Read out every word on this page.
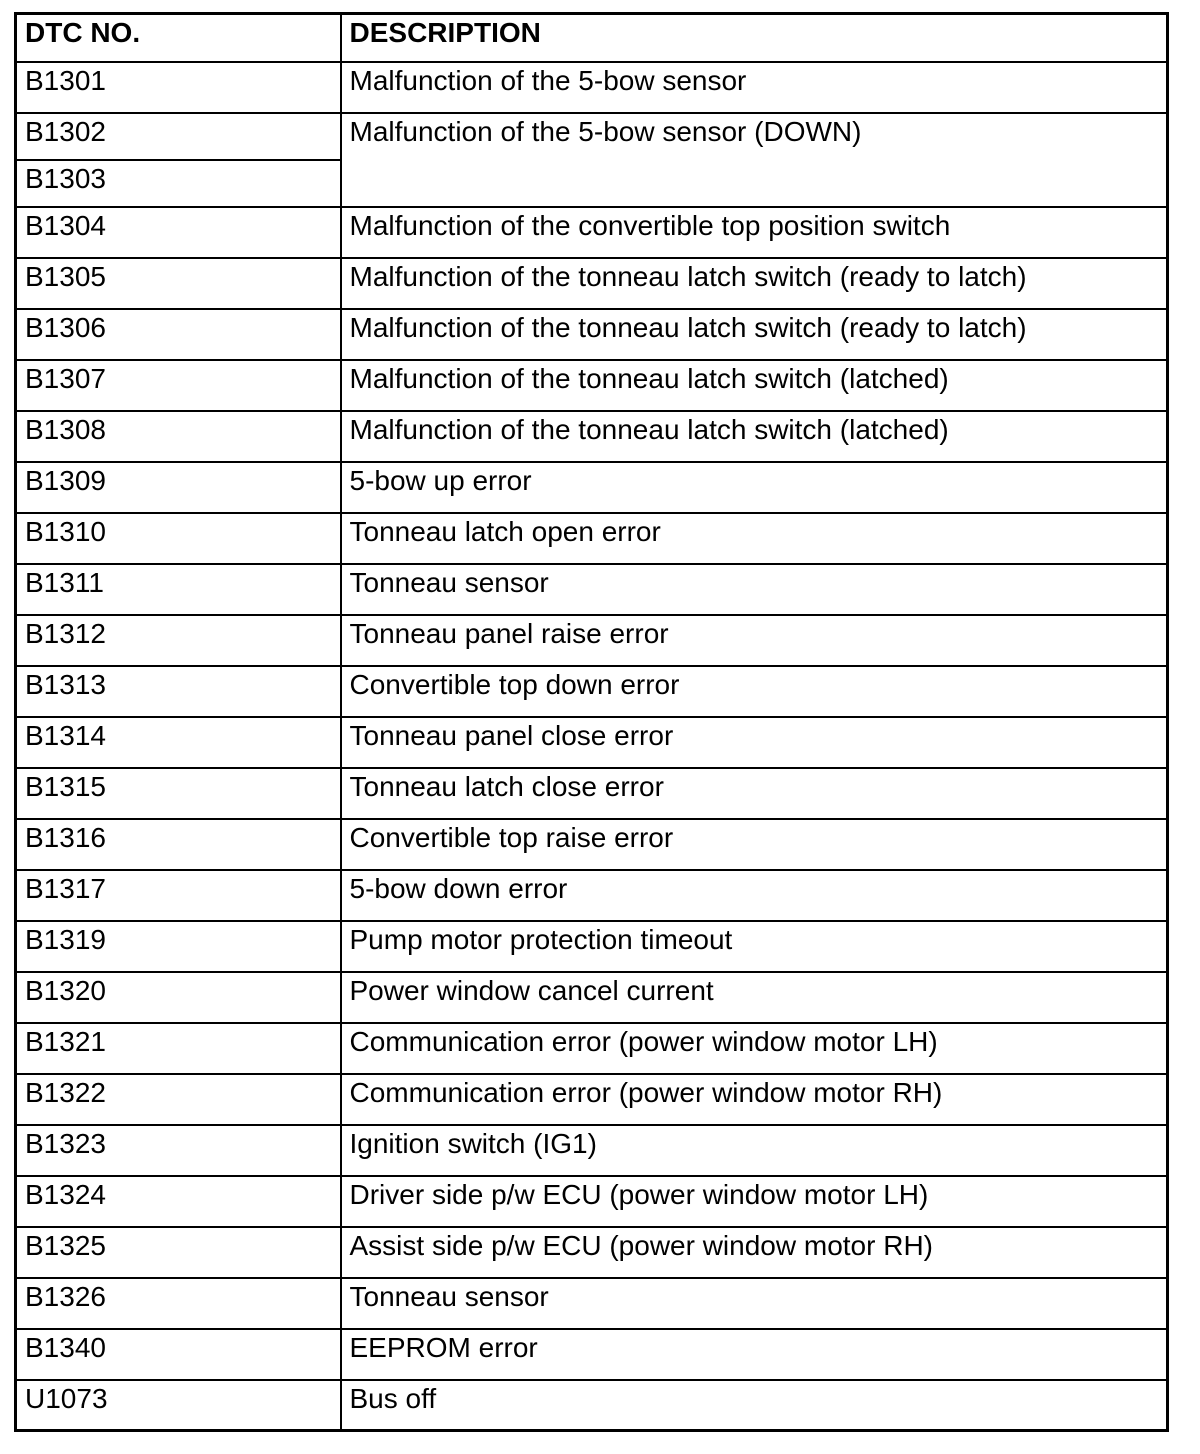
DTC NO.	DESCRIPTION
B1301	Malfunction of the 5-bow sensor
B1302	Malfunction of the 5-bow sensor (DOWN)
B1303	
B1304	Malfunction of the convertible top position switch
B1305	Malfunction of the tonneau latch switch (ready to latch)
B1306	Malfunction of the tonneau latch switch (ready to latch)
B1307	Malfunction of the tonneau latch switch (latched)
B1308	Malfunction of the tonneau latch switch (latched)
B1309	5-bow up error
B1310	Tonneau latch open error
B1311	Tonneau sensor
B1312	Tonneau panel raise error
B1313	Convertible top down error
B1314	Tonneau panel close error
B1315	Tonneau latch close error
B1316	Convertible top raise error
B1317	5-bow down error
B1319	Pump motor protection timeout
B1320	Power window cancel current
B1321	Communication error (power window motor LH)
B1322	Communication error (power window motor RH)
B1323	Ignition switch (IG1)
B1324	Driver side p/w ECU (power window motor LH)
B1325	Assist side p/w ECU (power window motor RH)
B1326	Tonneau sensor
B1340	EEPROM error
U1073	Bus off
